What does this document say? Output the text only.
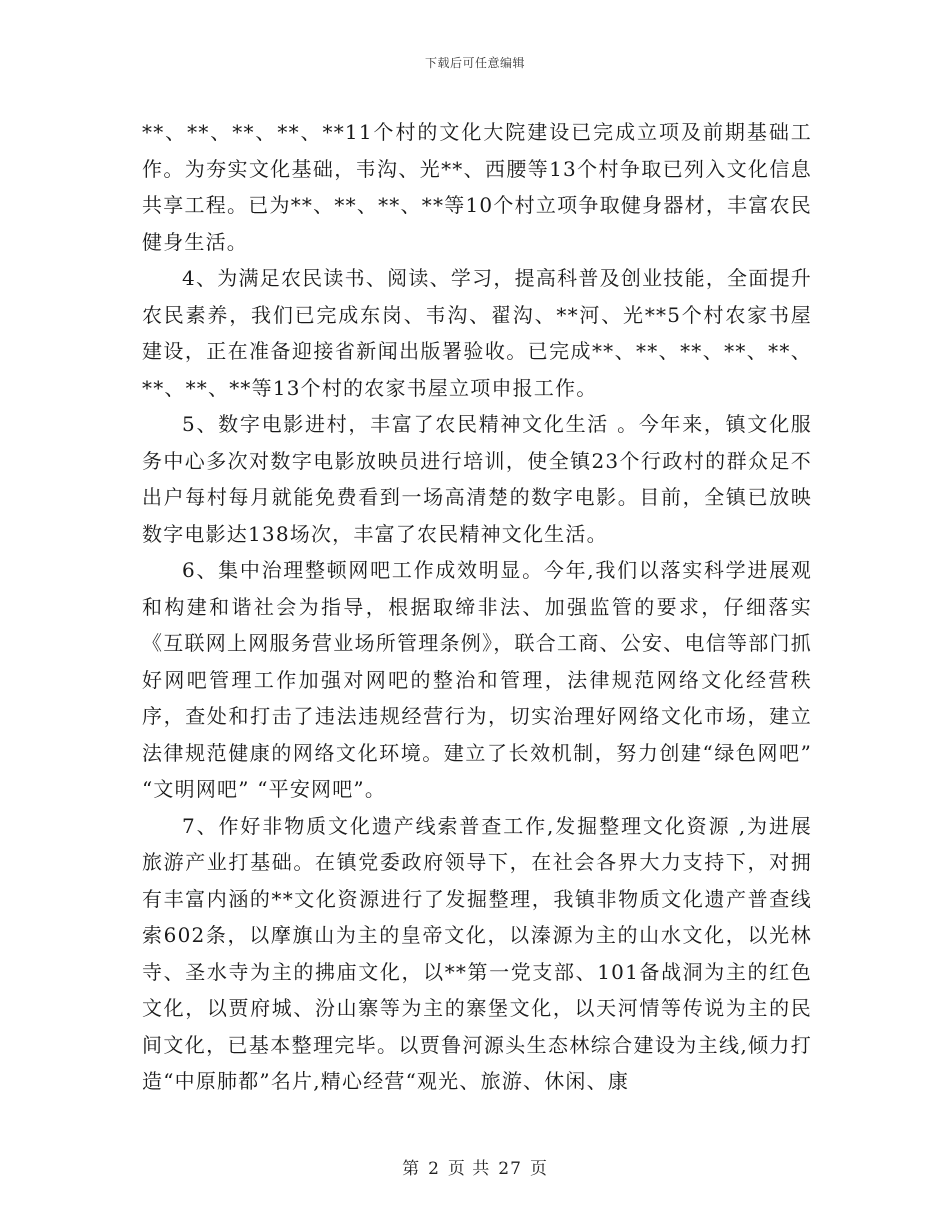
下载后可任意编辑

**、**、**、**、**11个村的文化大院建设已完成立项及前期基础工作。为夯实文化基础，韦沟、光**、西腰等13个村争取已列入文化信息共享工程。已为**、**、**、**等10个村立项争取健身器材，丰富农民健身生活。

4、为满足农民读书、阅读、学习，提高科普及创业技能，全面提升农民素养，我们已完成东岗、韦沟、翟沟、**河、光**5个村农家书屋建设，正在准备迎接省新闻出版署验收。已完成**、**、**、**、**、**、**、**等13个村的农家书屋立项申报工作。

5、数字电影进村，丰富了农民精神文化生活 。今年来，镇文化服务中心多次对数字电影放映员进行培训，使全镇23个行政村的群众足不出户每村每月就能免费看到一场高清楚的数字电影。目前，全镇已放映数字电影达138场次，丰富了农民精神文化生活。

6、集中治理整顿网吧工作成效明显。今年,我们以落实科学进展观和构建和谐社会为指导，根据取缔非法、加强监管的要求，仔细落实《互联网上网服务营业场所管理条例》，联合工商、公安、电信等部门抓好网吧管理工作加强对网吧的整治和管理，法律规范网络文化经营秩序，查处和打击了违法违规经营行为，切实治理好网络文化市场，建立法律规范健康的网络文化环境。建立了长效机制，努力创建“绿色网吧” “文明网吧” “平安网吧”。

7、作好非物质文化遗产线索普查工作,发掘整理文化资源 ,为进展旅游产业打基础。在镇党委政府领导下，在社会各界大力支持下，对拥有丰富内涵的**文化资源进行了发掘整理，我镇非物质文化遗产普查线索602条，以摩旗山为主的皇帝文化，以溱源为主的山水文化，以光林寺、圣水寺为主的拂庙文化，以**第一党支部、101备战洞为主的红色文化，以贾府城、汾山寨等为主的寨堡文化，以天河情等传说为主的民间文化，已基本整理完毕。以贾鲁河源头生态林综合建设为主线,倾力打造“中原肺都”名片,精心经营“观光、旅游、休闲、康

第 2 页 共 27 页
